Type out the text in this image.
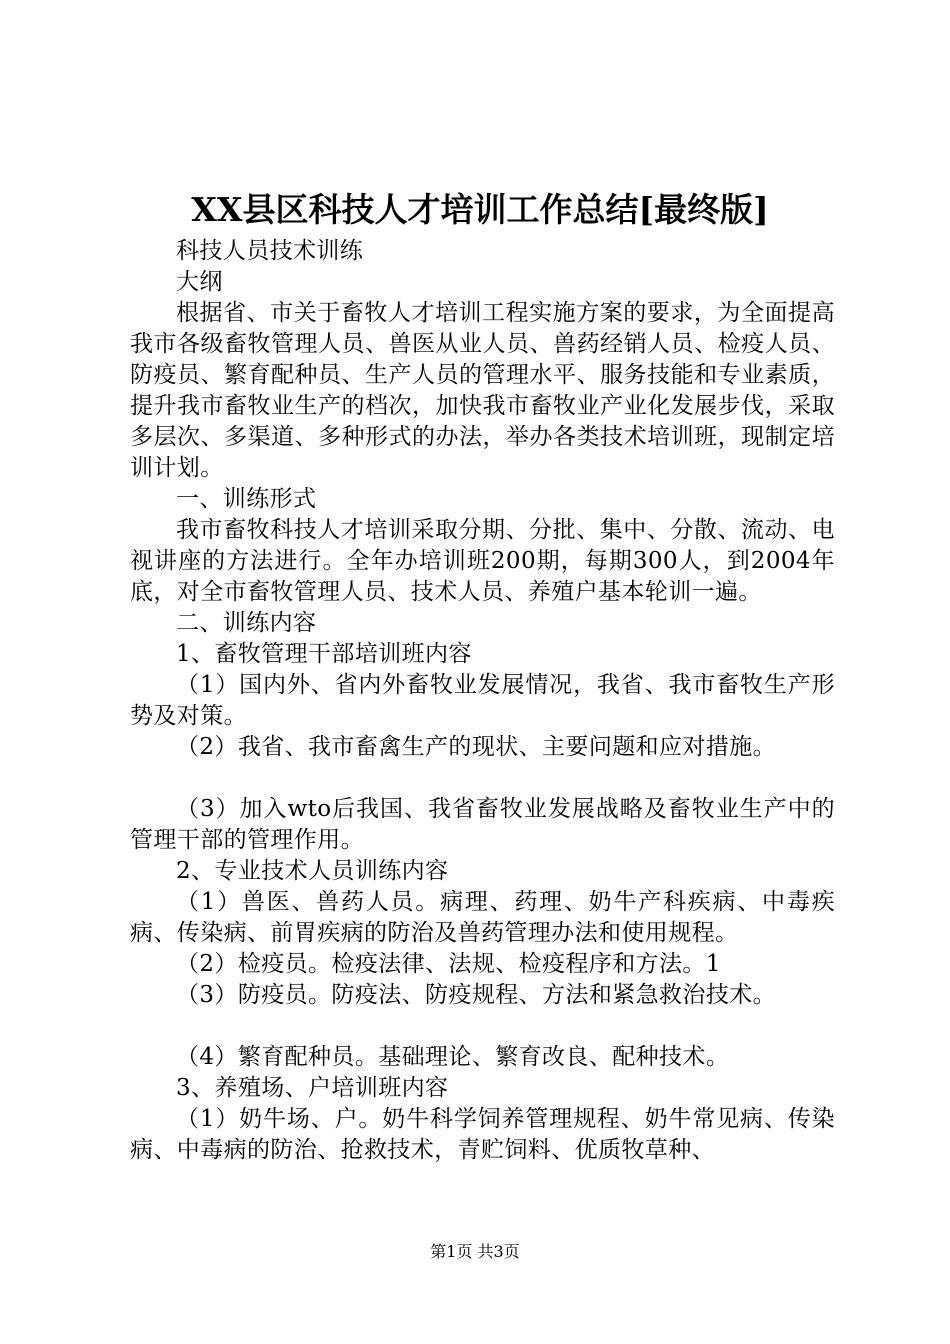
XX县区科技人才培训工作总结[最终版]

科技人员技术训练

大纲

根据省、市关于畜牧人才培训工程实施方案的要求，为全面提高我市各级畜牧管理人员、兽医从业人员、兽药经销人员、检疫人员、防疫员、繁育配种员、生产人员的管理水平、服务技能和专业素质，提升我市畜牧业生产的档次，加快我市畜牧业产业化发展步伐，采取多层次、多渠道、多种形式的办法，举办各类技术培训班，现制定培训计划。

一、训练形式

我市畜牧科技人才培训采取分期、分批、集中、分散、流动、电视讲座的方法进行。全年办培训班200期，每期300人，到2004年底，对全市畜牧管理人员、技术人员、养殖户基本轮训一遍。

二、训练内容

1、畜牧管理干部培训班内容

（1）国内外、省内外畜牧业发展情况，我省、我市畜牧生产形势及对策。

（2）我省、我市畜禽生产的现状、主要问题和应对措施。

（3）加入wto后我国、我省畜牧业发展战略及畜牧业生产中的管理干部的管理作用。

2、专业技术人员训练内容

（1）兽医、兽药人员。病理、药理、奶牛产科疾病、中毒疾病、传染病、前胃疾病的防治及兽药管理办法和使用规程。

（2）检疫员。检疫法律、法规、检疫程序和方法。1

（3）防疫员。防疫法、防疫规程、方法和紧急救治技术。

（4）繁育配种员。基础理论、繁育改良、配种技术。

3、养殖场、户培训班内容

（1）奶牛场、户。奶牛科学饲养管理规程、奶牛常见病、传染病、中毒病的防治、抢救技术，青贮饲料、优质牧草种、

第1页 共3页
